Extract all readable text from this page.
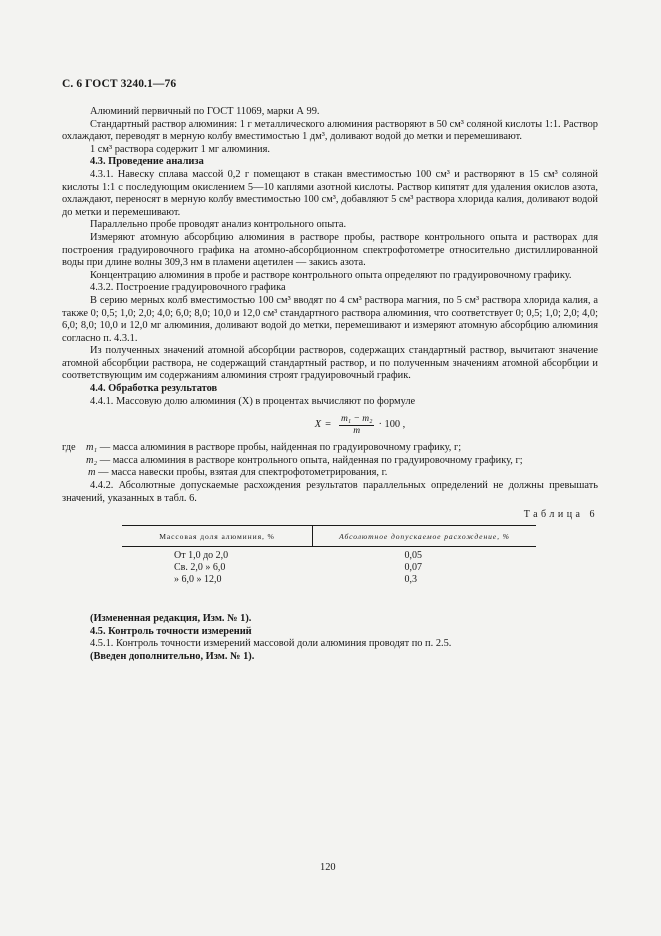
С. 6 ГОСТ 3240.1—76

Алюминий первичный по ГОСТ 11069, марки А 99.

Стандартный раствор алюминия: 1 г металлического алюминия растворяют в 50 см³ соляной кислоты 1:1. Раствор охлаждают, переводят в мерную колбу вместимостью 1 дм³, доливают водой до метки и перемешивают.

1 см³ раствора содержит 1 мг алюминия.

4.3. Проведение анализа

4.3.1. Навеску сплава массой 0,2 г помещают в стакан вместимостью 100 см³ и растворяют в 15 см³ соляной кислоты 1:1 с последующим окислением 5—10 каплями азотной кислоты. Раствор кипятят для удаления окислов азота, охлаждают, переносят в мерную колбу вместимостью 100 см³, добавляют 5 см³ раствора хлорида калия, доливают водой до метки и перемешивают.

Параллельно пробе проводят анализ контрольного опыта.

Измеряют атомную абсорбцию алюминия в растворе пробы, растворе контрольного опыта и растворах для построения градуировочного графика на атомно-абсорбционном спектрофотометре относительно дистиллированной воды при длине волны 309,3 нм в пламени ацетилен — закись азота.

Концентрацию алюминия в пробе и растворе контрольного опыта определяют по градуировочному графику.

4.3.2. Построение градуировочного графика

В серию мерных колб вместимостью 100 см³ вводят по 4 см³ раствора магния, по 5 см³ раствора хлорида калия, а также 0; 0,5; 1,0; 2,0; 4,0; 6,0; 8,0; 10,0 и 12,0 см³ стандартного раствора алюминия, что соответствует 0; 0,5; 1,0; 2,0; 4,0; 6,0; 8,0; 10,0 и 12,0 мг алюминия, доливают водой до метки, перемешивают и измеряют атомную абсорбцию алюминия согласно п. 4.3.1.

Из полученных значений атомной абсорбции растворов, содержащих стандартный раствор, вычитают значение атомной абсорбции раствора, не содержащий стандартный раствор, и по полученным значениям атомной абсорбции и соответствующим им содержаниям алюминия строят градуировочный график.

4.4. Обработка результатов

4.4.1. Массовую долю алюминия (X) в процентах вычисляют по формуле

$X = \frac{\text{m₁ − m₂}}{m} \cdot 100$ ,
где m₁ — масса алюминия в растворе пробы, найденная по градуировочному графику, г;
m₂ — масса алюминия в растворе контрольного опыта, найденная по градуировочному графику, г;
m — масса навески пробы, взятая для спектрофотометрирования, г.

4.4.2. Абсолютные допускаемые расхождения результатов параллельных определений не должны превышать значений, указанных в табл. 6.

Таблица 6
Массовая доля алюминия, %	Абсолютное допускаемое расхождение, %
От 1,0 до 2,0	0,05
Св. 2,0 » 6,0	0,07
» 6,0 » 12,0	0,3

(Измененная редакция, Изм. № 1).

4.5. Контроль точности измерений

4.5.1. Контроль точности измерений массовой доли алюминия проводят по п. 2.5.

(Введен дополнительно, Изм. № 1).

120
